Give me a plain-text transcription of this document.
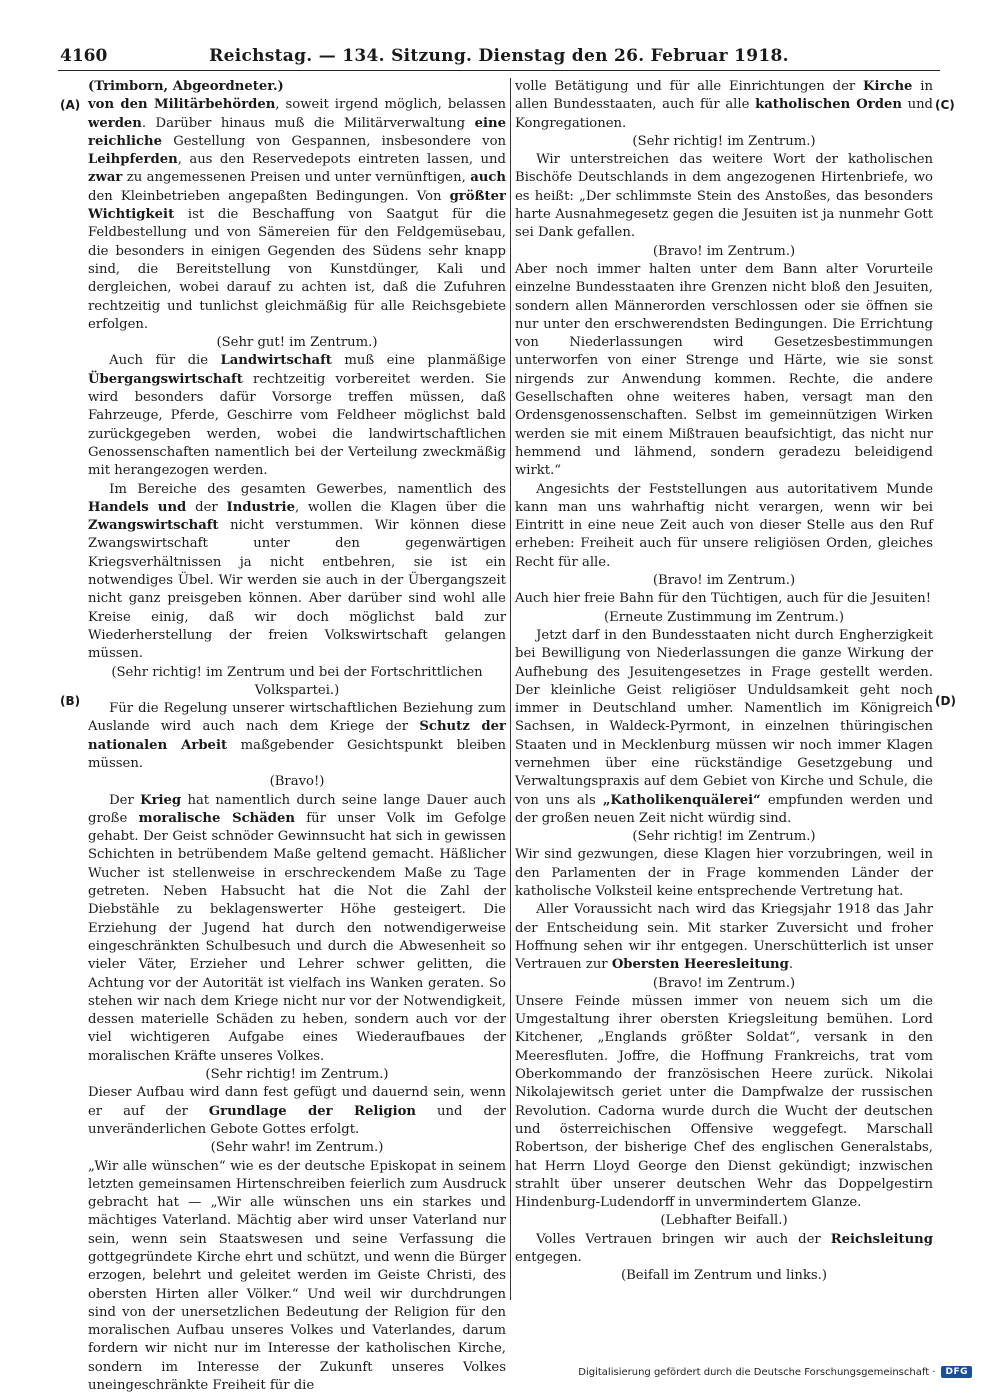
4160	Reichstag. — 134. Sitzung. Dienstag den 26. Februar 1918.
(A)
(B)
(C)
(D)

(Trimborn, Abgeordneter.)

von den Militärbehörden, soweit irgend möglich, belassen werden. Darüber hinaus muß die Militärverwaltung eine reichliche Gestellung von Gespannen, insbesondere von Leihpferden, aus den Reservedepots eintreten lassen, und zwar zu angemessenen Preisen und unter vernünftigen, auch den Kleinbetrieben angepaßten Bedingungen. Von größter Wichtigkeit ist die Beschaffung von Saatgut für die Feldbestellung und von Sämereien für den Feldgemüsebau, die besonders in einigen Gegenden des Südens sehr knapp sind, die Bereitstellung von Kunstdünger, Kali und dergleichen, wobei darauf zu achten ist, daß die Zufuhren rechtzeitig und tunlichst gleichmäßig für alle Reichsgebiete erfolgen.

(Sehr gut! im Zentrum.)

Auch für die Landwirtschaft muß eine planmäßige Übergangswirtschaft rechtzeitig vorbereitet werden. Sie wird besonders dafür Vorsorge treffen müssen, daß Fahrzeuge, Pferde, Geschirre vom Feldheer möglichst bald zurückgegeben werden, wobei die landwirtschaftlichen Genossenschaften namentlich bei der Verteilung zweckmäßig mit herangezogen werden.

Im Bereiche des gesamten Gewerbes, namentlich des Handels und der Industrie, wollen die Klagen über die Zwangswirtschaft nicht verstummen. Wir können diese Zwangswirtschaft unter den gegenwärtigen Kriegsverhältnissen ja nicht entbehren, sie ist ein notwendiges Übel. Wir werden sie auch in der Übergangszeit nicht ganz preisgeben können. Aber darüber sind wohl alle Kreise einig, daß wir doch möglichst bald zur Wiederherstellung der freien Volkswirtschaft gelangen müssen.

(Sehr richtig! im Zentrum und bei der Fortschrittlichen Volkspartei.)

Für die Regelung unserer wirtschaftlichen Beziehung zum Auslande wird auch nach dem Kriege der Schutz der nationalen Arbeit maßgebender Gesichtspunkt bleiben müssen.

(Bravo!)

Der Krieg hat namentlich durch seine lange Dauer auch große moralische Schäden für unser Volk im Gefolge gehabt. Der Geist schnöder Gewinnsucht hat sich in gewissen Schichten in betrübendem Maße geltend gemacht. Häßlicher Wucher ist stellenweise in erschreckendem Maße zu Tage getreten. Neben Habsucht hat die Not die Zahl der Diebstähle zu beklagenswerter Höhe gesteigert. Die Erziehung der Jugend hat durch den notwendigerweise eingeschränkten Schulbesuch und durch die Abwesenheit so vieler Väter, Erzieher und Lehrer schwer gelitten, die Achtung vor der Autorität ist vielfach ins Wanken geraten. So stehen wir nach dem Kriege nicht nur vor der Notwendigkeit, dessen materielle Schäden zu heben, sondern auch vor der viel wichtigeren Aufgabe eines Wiederaufbaues der moralischen Kräfte unseres Volkes.

(Sehr richtig! im Zentrum.)

Dieser Aufbau wird dann fest gefügt und dauernd sein, wenn er auf der Grundlage der Religion und der unveränderlichen Gebote Gottes erfolgt.

(Sehr wahr! im Zentrum.)

„Wir alle wünschen“ wie es der deutsche Episkopat in seinem letzten gemeinsamen Hirtenschreiben feierlich zum Ausdruck gebracht hat — „Wir alle wünschen uns ein starkes und mächtiges Vaterland. Mächtig aber wird unser Vaterland nur sein, wenn sein Staatswesen und seine Verfassung die gottgegründete Kirche ehrt und schützt, und wenn die Bürger erzogen, belehrt und geleitet werden im Geiste Christi, des obersten Hirten aller Völker.“ Und weil wir durchdrungen sind von der unersetzlichen Bedeutung der Religion für den moralischen Aufbau unseres Volkes und Vaterlandes, darum fordern wir nicht nur im Interesse der katholischen Kirche, sondern im Interesse der Zukunft unseres Volkes uneingeschränkte Freiheit für die

volle Betätigung und für alle Einrichtungen der Kirche in allen Bundesstaaten, auch für alle katholischen Orden und Kongregationen.

(Sehr richtig! im Zentrum.)

Wir unterstreichen das weitere Wort der katholischen Bischöfe Deutschlands in dem angezogenen Hirtenbriefe, wo es heißt: „Der schlimmste Stein des Anstoßes, das besonders harte Ausnahmegesetz gegen die Jesuiten ist ja nunmehr Gott sei Dank gefallen.

(Bravo! im Zentrum.)

Aber noch immer halten unter dem Bann alter Vorurteile einzelne Bundesstaaten ihre Grenzen nicht bloß den Jesuiten, sondern allen Männerorden verschlossen oder sie öffnen sie nur unter den erschwerendsten Bedingungen. Die Errichtung von Niederlassungen wird Gesetzesbestimmungen unterworfen von einer Strenge und Härte, wie sie sonst nirgends zur Anwendung kommen. Rechte, die andere Gesellschaften ohne weiteres haben, versagt man den Ordensgenossenschaften. Selbst im gemeinnützigen Wirken werden sie mit einem Mißtrauen beaufsichtigt, das nicht nur hemmend und lähmend, sondern geradezu beleidigend wirkt.“

Angesichts der Feststellungen aus autoritativem Munde kann man uns wahrhaftig nicht verargen, wenn wir bei Eintritt in eine neue Zeit auch von dieser Stelle aus den Ruf erheben: Freiheit auch für unsere religiösen Orden, gleiches Recht für alle.

(Bravo! im Zentrum.)

Auch hier freie Bahn für den Tüchtigen, auch für die Jesuiten!

(Erneute Zustimmung im Zentrum.)

Jetzt darf in den Bundesstaaten nicht durch Engherzigkeit bei Bewilligung von Niederlassungen die ganze Wirkung der Aufhebung des Jesuitengesetzes in Frage gestellt werden. Der kleinliche Geist religiöser Unduldsamkeit geht noch immer in Deutschland umher. Namentlich im Königreich Sachsen, in Waldeck-Pyrmont, in einzelnen thüringischen Staaten und in Mecklenburg müssen wir noch immer Klagen vernehmen über eine rückständige Gesetzgebung und Verwaltungspraxis auf dem Gebiet von Kirche und Schule, die von uns als „Katholikenquälerei“ empfunden werden und der großen neuen Zeit nicht würdig sind.

(Sehr richtig! im Zentrum.)

Wir sind gezwungen, diese Klagen hier vorzubringen, weil in den Parlamenten der in Frage kommenden Länder der katholische Volksteil keine entsprechende Vertretung hat.

Aller Voraussicht nach wird das Kriegsjahr 1918 das Jahr der Entscheidung sein. Mit starker Zuversicht und froher Hoffnung sehen wir ihr entgegen. Unerschütterlich ist unser Vertrauen zur Obersten Heeresleitung.

(Bravo! im Zentrum.)

Unsere Feinde müssen immer von neuem sich um die Umgestaltung ihrer obersten Kriegsleitung bemühen. Lord Kitchener, „Englands größter Soldat“, versank in den Meeresfluten. Joffre, die Hoffnung Frankreichs, trat vom Oberkommando der französischen Heere zurück. Nikolai Nikolajewitsch geriet unter die Dampfwalze der russischen Revolution. Cadorna wurde durch die Wucht der deutschen und österreichischen Offensive weggefegt. Marschall Robertson, der bisherige Chef des englischen Generalstabs, hat Herrn Lloyd George den Dienst gekündigt; inzwischen strahlt über unserer deutschen Wehr das Doppelgestirn Hindenburg-Ludendorff in unvermindertem Glanze.

(Lebhafter Beifall.)

Volles Vertrauen bringen wir auch der Reichsleitung entgegen.

(Beifall im Zentrum und links.)

Digitalisierung gefördert durch die Deutsche Forschungsgemeinschaft ·	DFG
